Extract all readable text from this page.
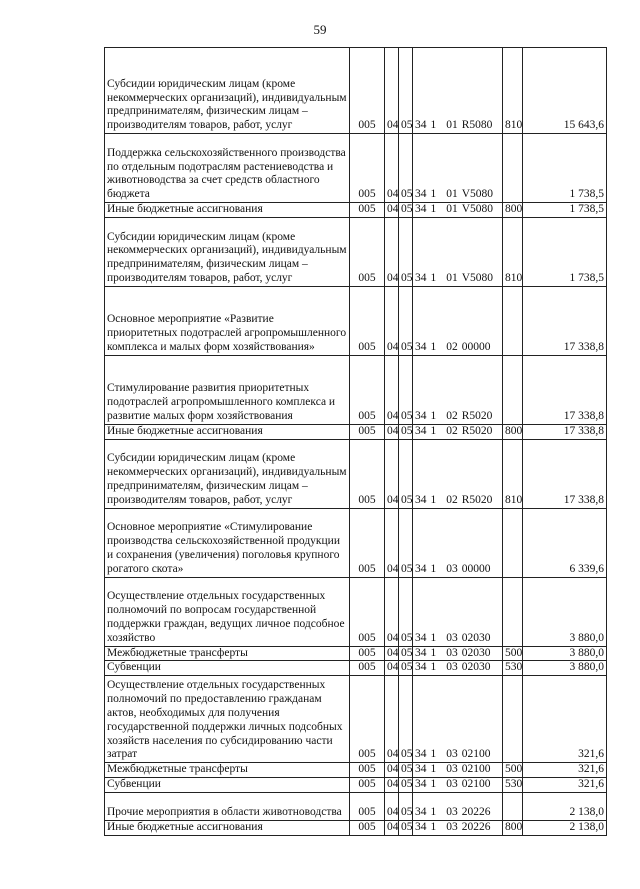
59
Субсидии юридическим лицам (кроме некоммерческих организаций), индивидуальным предпринимателям, физическим лицам – производителям товаров, работ, услуг	005	04	05	34 1 01 R5080	810	15 643,6
Поддержка сельскохозяйственного производства по отдельным подотраслям растениеводства и животноводства за счет средств областного бюджета	005	04	05	34 1 01 V5080		1 738,5
Иные бюджетные ассигнования	005	04	05	34 1 01 V5080	800	1 738,5
Субсидии юридическим лицам (кроме некоммерческих организаций), индивидуальным предпринимателям, физическим лицам – производителям товаров, работ, услуг	005	04	05	34 1 01 V5080	810	1 738,5
Основное мероприятие «Развитие приоритетных подотраслей агропромышленного комплекса и малых форм хозяйствования»	005	04	05	34 1 02 00000		17 338,8
Стимулирование развития приоритетных подотраслей агропромышленного комплекса и развитие малых форм хозяйствования	005	04	05	34 1 02 R5020		17 338,8
Иные бюджетные ассигнования	005	04	05	34 1 02 R5020	800	17 338,8
Субсидии юридическим лицам (кроме некоммерческих организаций), индивидуальным предпринимателям, физическим лицам – производителям товаров, работ, услуг	005	04	05	34 1 02 R5020	810	17 338,8
Основное мероприятие «Стимулирование производства сельскохозяйственной продукции и сохранения (увеличения) поголовья крупного рогатого скота»	005	04	05	34 1 03 00000		6 339,6
Осуществление отдельных государственных полномочий по вопросам государственной поддержки граждан, ведущих личное подсобное хозяйство	005	04	05	34 1 03 02030		3 880,0
Межбюджетные трансферты	005	04	05	34 1 03 02030	500	3 880,0
Субвенции	005	04	05	34 1 03 02030	530	3 880,0
Осуществление отдельных государственных полномочий по предоставлению гражданам актов, необходимых для получения государственной поддержки личных подсобных хозяйств населения по субсидированию части затрат	005	04	05	34 1 03 02100		321,6
Межбюджетные трансферты	005	04	05	34 1 03 02100	500	321,6
Субвенции	005	04	05	34 1 03 02100	530	321,6
Прочие мероприятия в области животноводства	005	04	05	34 1 03 20226		2 138,0
Иные бюджетные ассигнования	005	04	05	34 1 03 20226	800	2 138,0
